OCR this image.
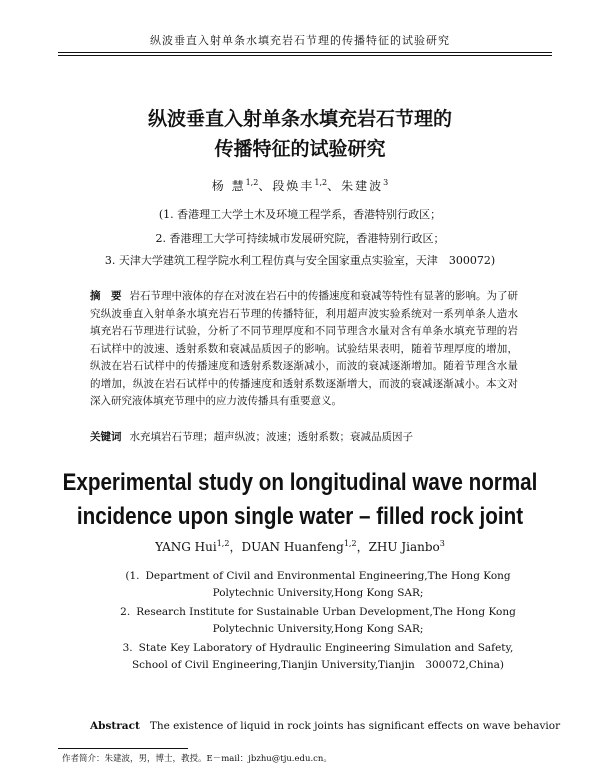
纵波垂直入射单条水填充岩石节理的传播特征的试验研究
纵波垂直入射单条水填充岩石节理的
传播特征的试验研究
杨 慧$^{1,2}$、段焕丰$^{1,2}$、朱建波$^3$
(1. 香港理工大学土木及环境工程学系，香港特别行政区；
2. 香港理工大学可持续城市发展研究院，香港特别行政区；
3. 天津大学建筑工程学院水利工程仿真与安全国家重点实验室，天津　300072)
摘　要 岩石节理中液体的存在对波在岩石中的传播速度和衰减等特性有显著的影响。为了研究纵波垂直入射单条水填充岩石节理的传播特征，利用超声波实验系统对一系列单条人造水填充岩石节理进行试验，分析了不同节理厚度和不同节理含水量对含有单条水填充节理的岩石试样中的波速、透射系数和衰减品质因子的影响。试验结果表明，随着节理厚度的增加，纵波在岩石试样中的传播速度和透射系数逐渐减小，而波的衰减逐渐增加。随着节理含水量的增加，纵波在岩石试样中的传播速度和透射系数逐渐增大，而波的衰减逐渐减小。本文对深入研究液体填充节理中的应力波传播具有重要意义。
关键词 水充填岩石节理；超声纵波；波速；透射系数；衰减品质因子
Experimental study on longitudinal wave normal
incidence upon single water – filled rock joint
YANG Hui$^{1,2}$，DUAN Huanfeng$^{1,2}$，ZHU Jianbo$^3$
(1. Department of Civil and Environmental Engineering,The Hong Kong
Polytechnic University,Hong Kong SAR;
2. Research Institute for Sustainable Urban Development,The Hong Kong
Polytechnic University,Hong Kong SAR;
3. State Key Laboratory of Hydraulic Engineering Simulation and Safety,
School of Civil Engineering,Tianjin University,Tianjin　300072,China)
Abstract The existence of liquid in rock joints has significant effects on wave behavior
作者简介：朱建波，男，博士，教授。E－mail：jbzhu@tju.edu.cn。
